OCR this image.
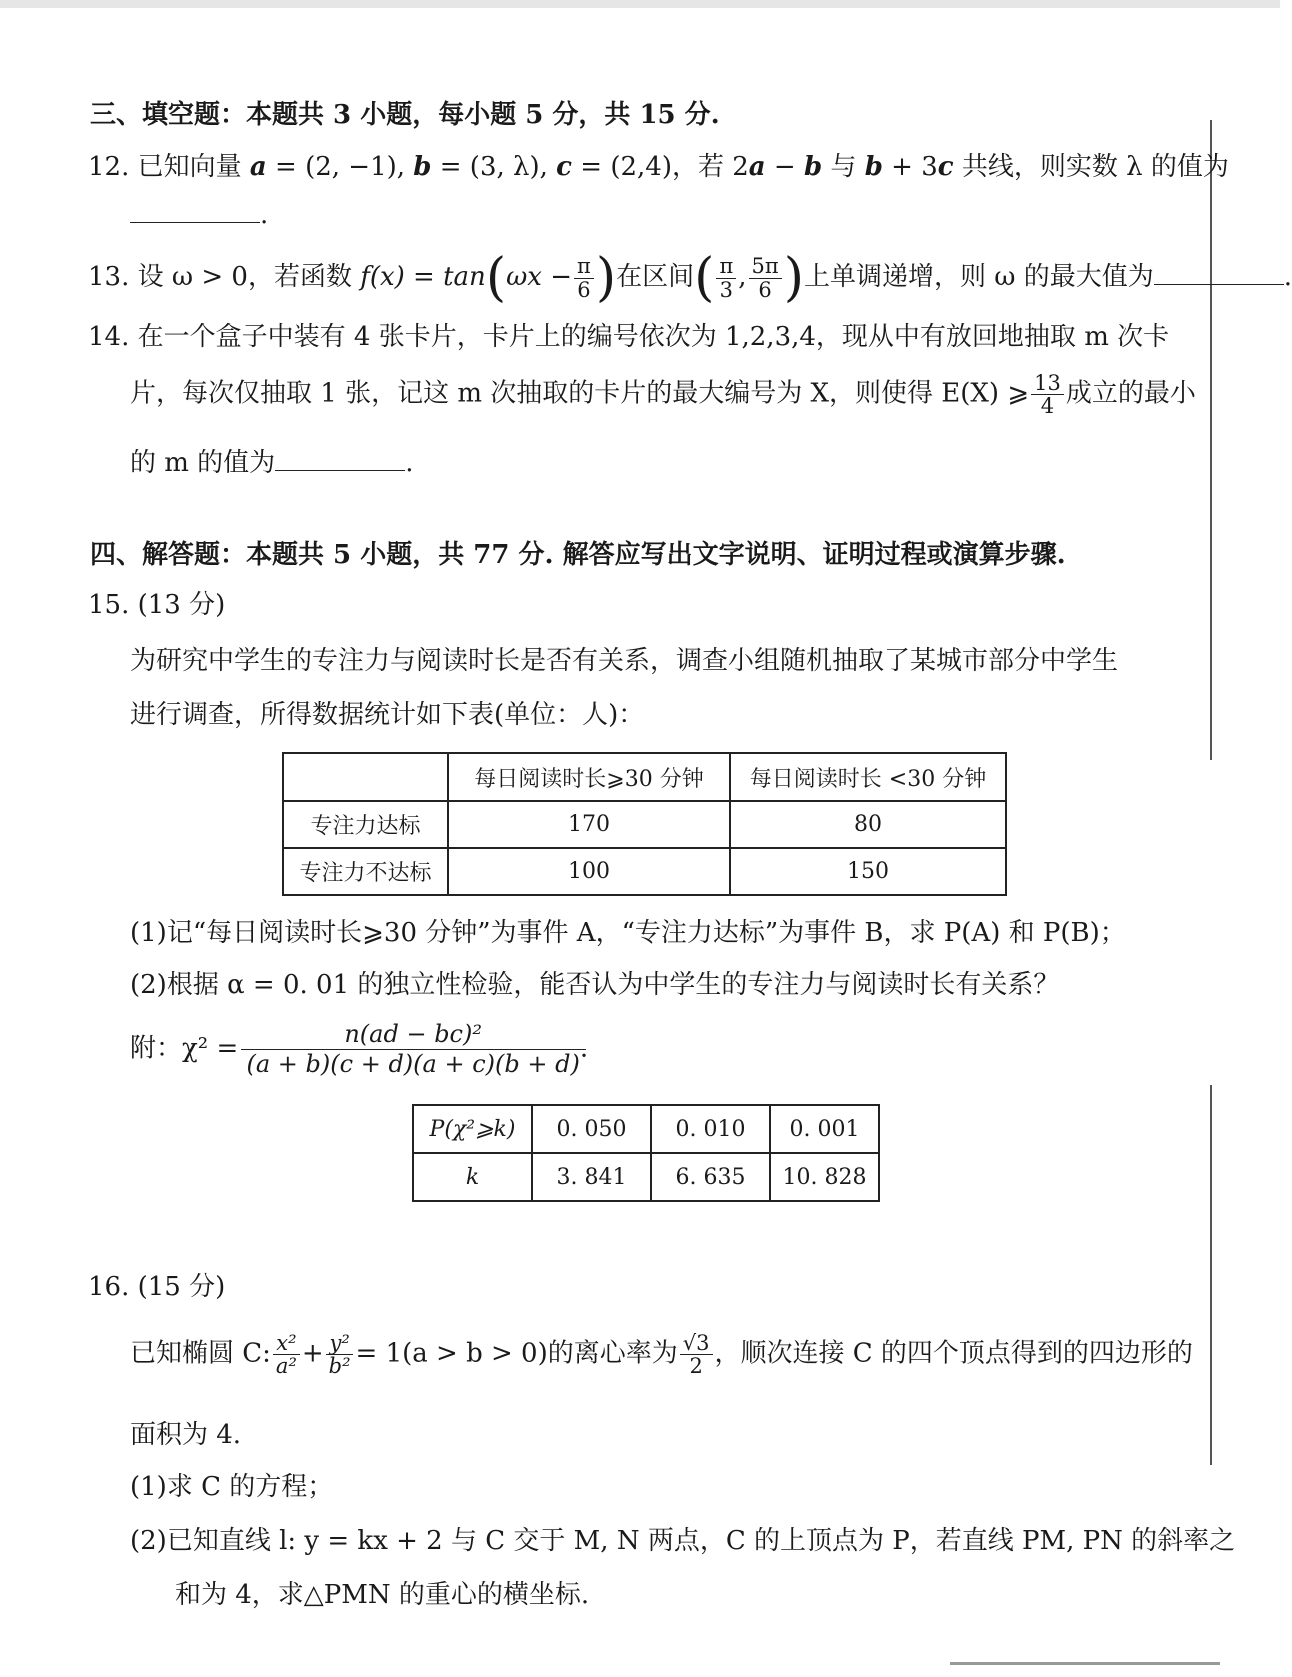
三、填空题：本题共 3 小题，每小题 5 分，共 15 分.
12. 已知向量 a = (2, −1), b = (3, λ), c = (2,4)，若 2a − b 与 b + 3c 共线，则实数 λ 的值为
.
13. 设 ω > 0，若函数 $f(x) = \tan(\omega x - \frac{\pi}{6}$ )在区间( $\frac{\pi}{3}$ , $\frac{5\pi}{6}$ )上单调递增，则 ω 的最大值为	.
14. 在一个盒子中装有 4 张卡片，卡片上的编号依次为 1,2,3,4，现从中有放回地抽取 m 次卡
片，每次仅抽取 1 张，记这 m 次抽取的卡片的最大编号为 X，则使得 E(X) ⩾ $\frac{13}{4}$ 成立的最小
的 m 的值为	.
四、解答题：本题共 5 小题，共 77 分. 解答应写出文字说明、证明过程或演算步骤.
15. (13 分)
为研究中学生的专注力与阅读时长是否有关系，调查小组随机抽取了某城市部分中学生
进行调查，所得数据统计如下表(单位：人)：
	每日阅读时长⩾30 分钟	每日阅读时长 <30 分钟
专注力达标	170	80
专注力不达标	100	150
(1)记“每日阅读时长⩾30 分钟”为事件 A，“专注力达标”为事件 B，求 P(A) 和 P(B)；
(2)根据 α = 0. 01 的独立性检验，能否认为中学生的专注力与阅读时长有关系？
附：$\chi^2 = \frac{\text{n(ad − bc)²}}{(a + b)(c + d)(a + c)(b + d)}$ .
P(χ²⩾k)	0. 050	0. 010	0. 001
k	3. 841	6. 635	10. 828
16. (15 分)
已知椭圆 C: $\frac{\text{x²}}{\text{a²}} + \frac{\text{y²}}{\text{b²}} = 1(a > b > 0)$的离心率为 $\frac{√3}{2}$ ，顺次连接 C 的四个顶点得到的四边形的
面积为 4.
(1)求 C 的方程；
(2)已知直线 l: y = kx + 2 与 C 交于 M, N 两点，C 的上顶点为 P，若直线 PM, PN 的斜率之
和为 4，求△PMN 的重心的横坐标.
